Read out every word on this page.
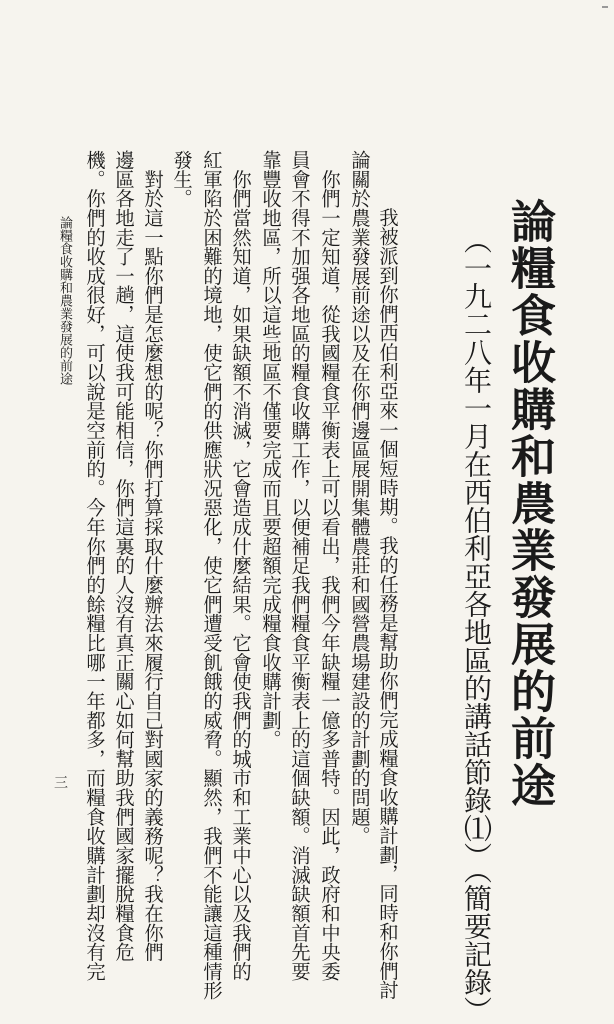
論糧食收購和農業發展的前途
（一九二八年一月在西伯利亞各地區的講話節錄⑴）（簡要記錄）
　我被派到你們西伯利亞來一個短時期。我的任務是幫助你們完成糧食收購計劃，同時和你們討
論關於農業發展前途以及在你們邊區展開集體農莊和國營農場建設的計劃的問題。
　你們一定知道，從我國糧食平衡表上可以看出，我們今年缺糧一億多普特。因此，政府和中央委
員會不得不加强各地區的糧食收購工作，以便補足我們糧食平衡表上的這個缺額。消滅缺額首先要
靠豐收地區，所以這些地區不僅要完成而且要超額完成糧食收購計劃。
　你們當然知道，如果缺額不消滅，它會造成什麼結果。它會使我們的城市和工業中心以及我們的
紅軍陷於困難的境地，使它們的供應狀况惡化，使它們遭受飢餓的威脅。顯然，我們不能讓這種情形
發生。
　對於這一點你們是怎麼想的呢？你們打算採取什麼辦法來履行自己對國家的義務呢？我在你們
邊區各地走了一趟，這使我可能相信，你們這裏的人沒有真正關心如何幫助我們國家擺脫糧食危
機。你們的收成很好，可以說是空前的。今年你們的餘糧比哪一年都多，而糧食收購計劃却沒有完
論糧食收購和農業發展的前途
三
